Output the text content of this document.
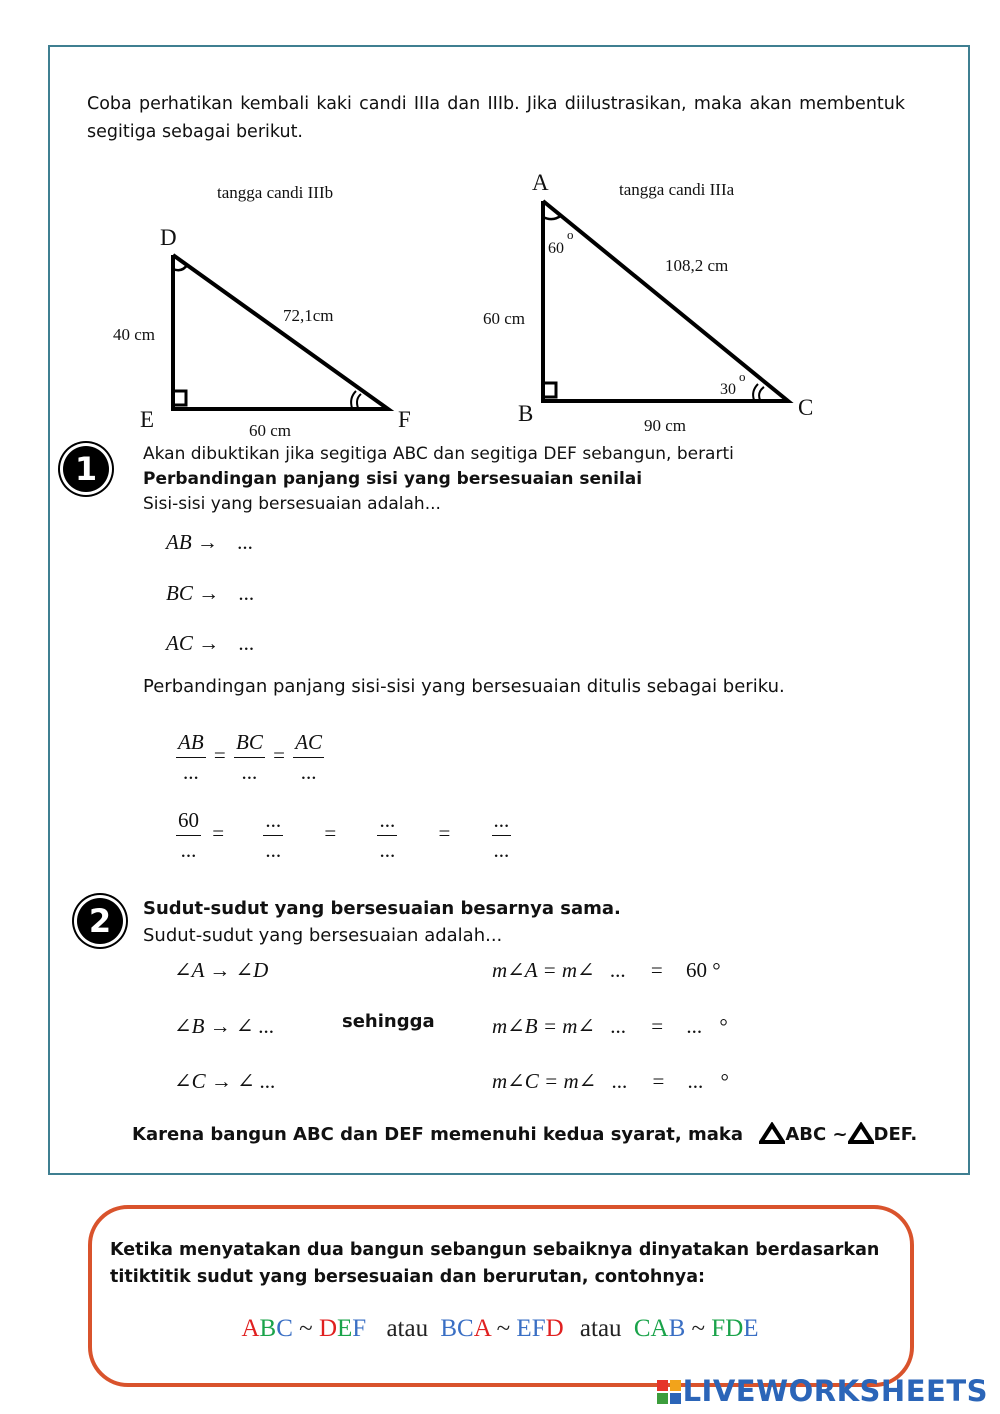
Coba perhatikan kembali kaki candi IIIa dan IIIb. Jika diilustrasikan, maka akan membentuk segitiga sebagai berikut.
tangga candi IIIb
D
E	F
40 cm
72,1cm
60 cm
tangga candi IIIa
A
B	C
60
o
30
o
60 cm
108,2 cm
90 cm
1	Akan dibuktikan jika segitiga ABC dan segitiga DEF sebangun, berarti
Perbandingan panjang sisi yang bersesuaian senilai
Sisi-sisi yang bersesuaian adalah...
AB → ...
BC → ...
AC → ...
Perbandingan panjang sisi-sisi yang bersesuaian ditulis sebagai beriku.
$\frac{AB}{...} = \frac{BC}{...} = \frac{AC}{...}$
$\frac{60}{...} = \frac{...}{...} = \frac{...}{...} = \frac{...}{...}$
2	Sudut-sudut yang bersesuaian besarnya sama.
Sudut-sudut yang bersesuaian adalah...
∠A → ∠D
∠B → ∠ ...
∠C → ∠ ...
sehingga
m∠A = m∠ ... = 60 °
m∠B = m∠ ... = ... °
m∠C = m∠ ... = ... °
Karena bangun ABC dan DEF memenuhi kedua syarat, maka ABC ~ DEF.
Ketika menyatakan dua bangun sebangun sebaiknya dinyatakan berdasarkan titiktitik sudut yang bersesuaian dan berurutan, contohnya:
ABC ~ DEF atau BCA ~ EFD atau CAB ~ FDE
LIVEWORKSHEETS
